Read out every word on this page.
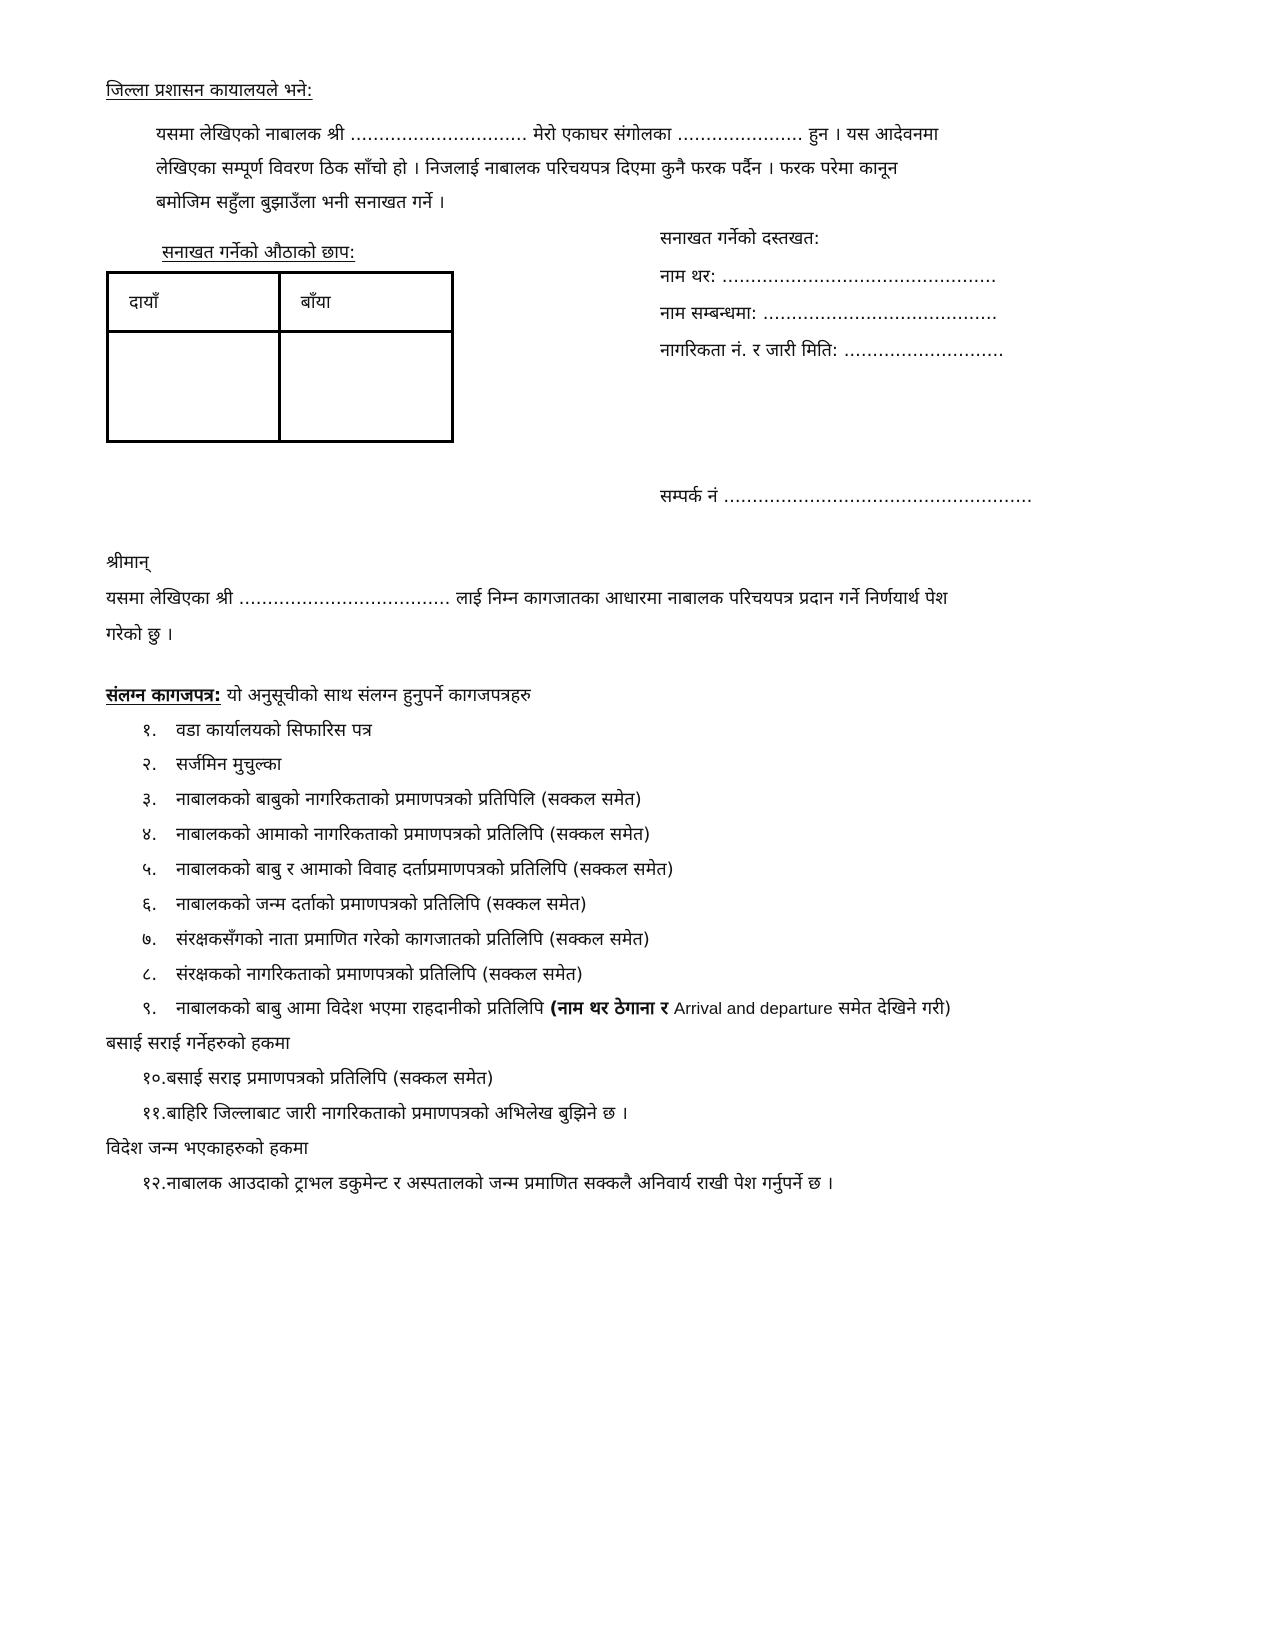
जिल्ला प्रशासन कायालयले भने:
यसमा लेखिएको नाबालक श्री ............................... मेरो एकाघर संगोलका ...................... हुन । यस आदेवनमा
लेखिएका सम्पूर्ण विवरण ठिक साँचो हो । निजलाई नाबालक परिचयपत्र दिएमा कुनै फरक पर्दैन । फरक परेमा कानून
बमोजिम सहुँला बुझाउँला भनी सनाखत गर्ने ।
सनाखत गर्नेको औठाको छाप:
दायाँ	बाँया

सनाखत गर्नेको दस्तखत:
नाम थर: ................................................
नाम सम्बन्धमा: .........................................
नागरिकता नं. र जारी मिति: ............................
सम्पर्क नं ......................................................
श्रीमान्
यसमा लेखिएका श्री ..................................... लाई निम्न कागजातका आधारमा नाबालक परिचयपत्र प्रदान गर्ने निर्णयार्थ पेश
गरेको छु ।
संलग्न कागजपत्र: यो अनुसूचीको साथ संलग्न हुनुपर्ने कागजपत्रहरु
१. वडा कार्यालयको सिफारिस पत्र
२. सर्जमिन मुचुल्का
३. नाबालकको बाबुको नागरिकताको प्रमाणपत्रको प्रतिपिलि (सक्कल समेत)
४. नाबालकको आमाको नागरिकताको प्रमाणपत्रको प्रतिलिपि (सक्कल समेत)
५. नाबालकको बाबु र आमाको विवाह दर्ताप्रमाणपत्रको प्रतिलिपि (सक्कल समेत)
६. नाबालकको जन्म दर्ताको प्रमाणपत्रको प्रतिलिपि (सक्कल समेत)
७. संरक्षकसँगको नाता प्रमाणित गरेको कागजातको प्रतिलिपि (सक्कल समेत)
८. संरक्षकको नागरिकताको प्रमाणपत्रको प्रतिलिपि (सक्कल समेत)
९. नाबालकको बाबु आमा विदेश भएमा राहदानीको प्रतिलिपि (नाम थर ठेगाना र Arrival and departure समेत देखिने गरी)
बसाई सराई गर्नेहरुको हकमा
१०.बसाई सराइ प्रमाणपत्रको प्रतिलिपि (सक्कल समेत)
११.बाहिरि जिल्लाबाट जारी नागरिकताको प्रमाणपत्रको अभिलेख बुझिने छ ।
विदेश जन्म भएकाहरुको हकमा
१२.नाबालक आउदाको ट्राभल डकुमेन्ट र अस्पतालको जन्म प्रमाणित सक्कलै अनिवार्य राखी पेश गर्नुपर्ने छ ।
